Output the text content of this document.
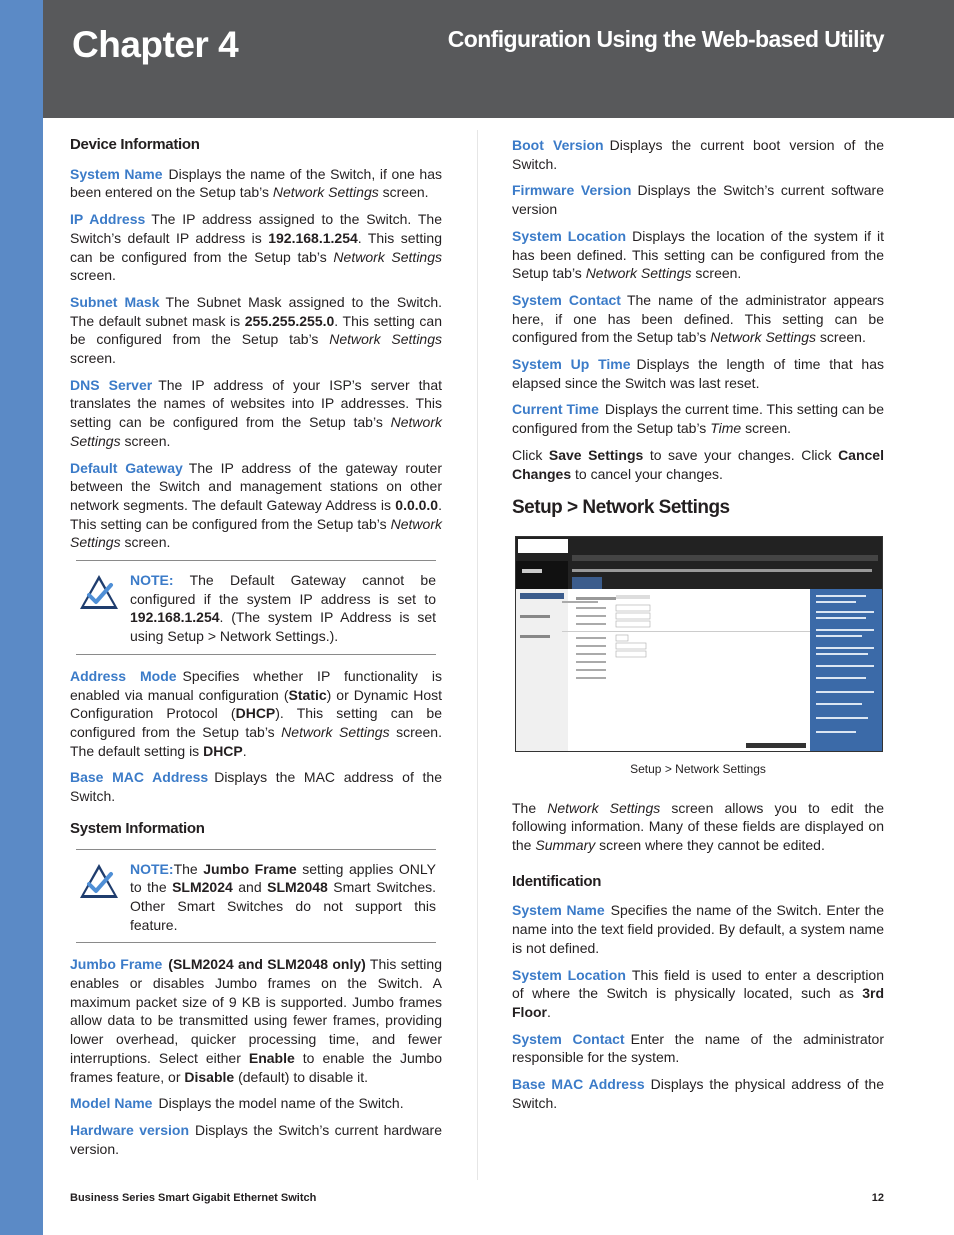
Chapter 4	Configuration Using the Web-based Utility
Device Information

System Name Displays the name of the Switch, if one has been entered on the Setup tab’s Network Settings screen.

IP Address The IP address assigned to the Switch. The Switch’s default IP address is 192.168.1.254. This setting can be configured from the Setup tab’s Network Settings screen.

Subnet Mask The Subnet Mask assigned to the Switch. The default subnet mask is 255.255.255.0. This setting can be configured from the Setup tab’s Network Settings screen.

DNS Server The IP address of your ISP’s server that translates the names of websites into IP addresses. This setting can be configured from the Setup tab’s Network Settings screen.

Default Gateway The IP address of the gateway router between the Switch and management stations on other network segments. The default Gateway Address is 0.0.0.0. This setting can be configured from the Setup tab’s Network Settings screen.

NOTE: The Default Gateway cannot be configured if the system IP address is set to 192.168.1.254. (The system IP Address is set using Setup > Network Settings.).

Address Mode Specifies whether IP functionality is enabled via manual configuration (Static) or Dynamic Host Configuration Protocol (DHCP). This setting can be configured from the Setup tab’s Network Settings screen. The default setting is DHCP.

Base MAC Address Displays the MAC address of the Switch.

System Information

NOTE:The Jumbo Frame setting applies ONLY to the SLM2024 and SLM2048 Smart Switches. Other Smart Switches do not support this feature.

Jumbo Frame (SLM2024 and SLM2048 only) This setting enables or disables Jumbo frames on the Switch. A maximum packet size of 9 KB is supported. Jumbo frames allow data to be transmitted using fewer frames, providing lower overhead, quicker processing time, and fewer interruptions. Select either Enable to enable the Jumbo frames feature, or Disable (default) to disable it.

Model Name Displays the model name of the Switch.

Hardware version Displays the Switch’s current hardware version.

Boot Version Displays the current boot version of the Switch.

Firmware Version Displays the Switch’s current software version

System Location Displays the location of the system if it has been defined. This setting can be configured from the Setup tab’s Network Settings screen.

System Contact The name of the administrator appears here, if one has been defined. This setting can be configured from the Setup tab’s Network Settings screen.

System Up Time Displays the length of time that has elapsed since the Switch was last reset.

Current Time Displays the current time. This setting can be configured from the Setup tab’s Time screen.

Click Save Settings to save your changes. Click Cancel Changes to cancel your changes.

Setup > Network Settings
Setup > Network Settings

The Network Settings screen allows you to edit the following information. Many of these fields are displayed on the Summary screen where they cannot be edited.

Identification

System Name Specifies the name of the Switch. Enter the name into the text field provided. By default, a system name is not defined.

System Location This field is used to enter a description of where the Switch is physically located, such as 3rd Floor.

System Contact Enter the name of the administrator responsible for the system.

Base MAC Address Displays the physical address of the Switch.

Business Series Smart Gigabit Ethernet Switch	12
